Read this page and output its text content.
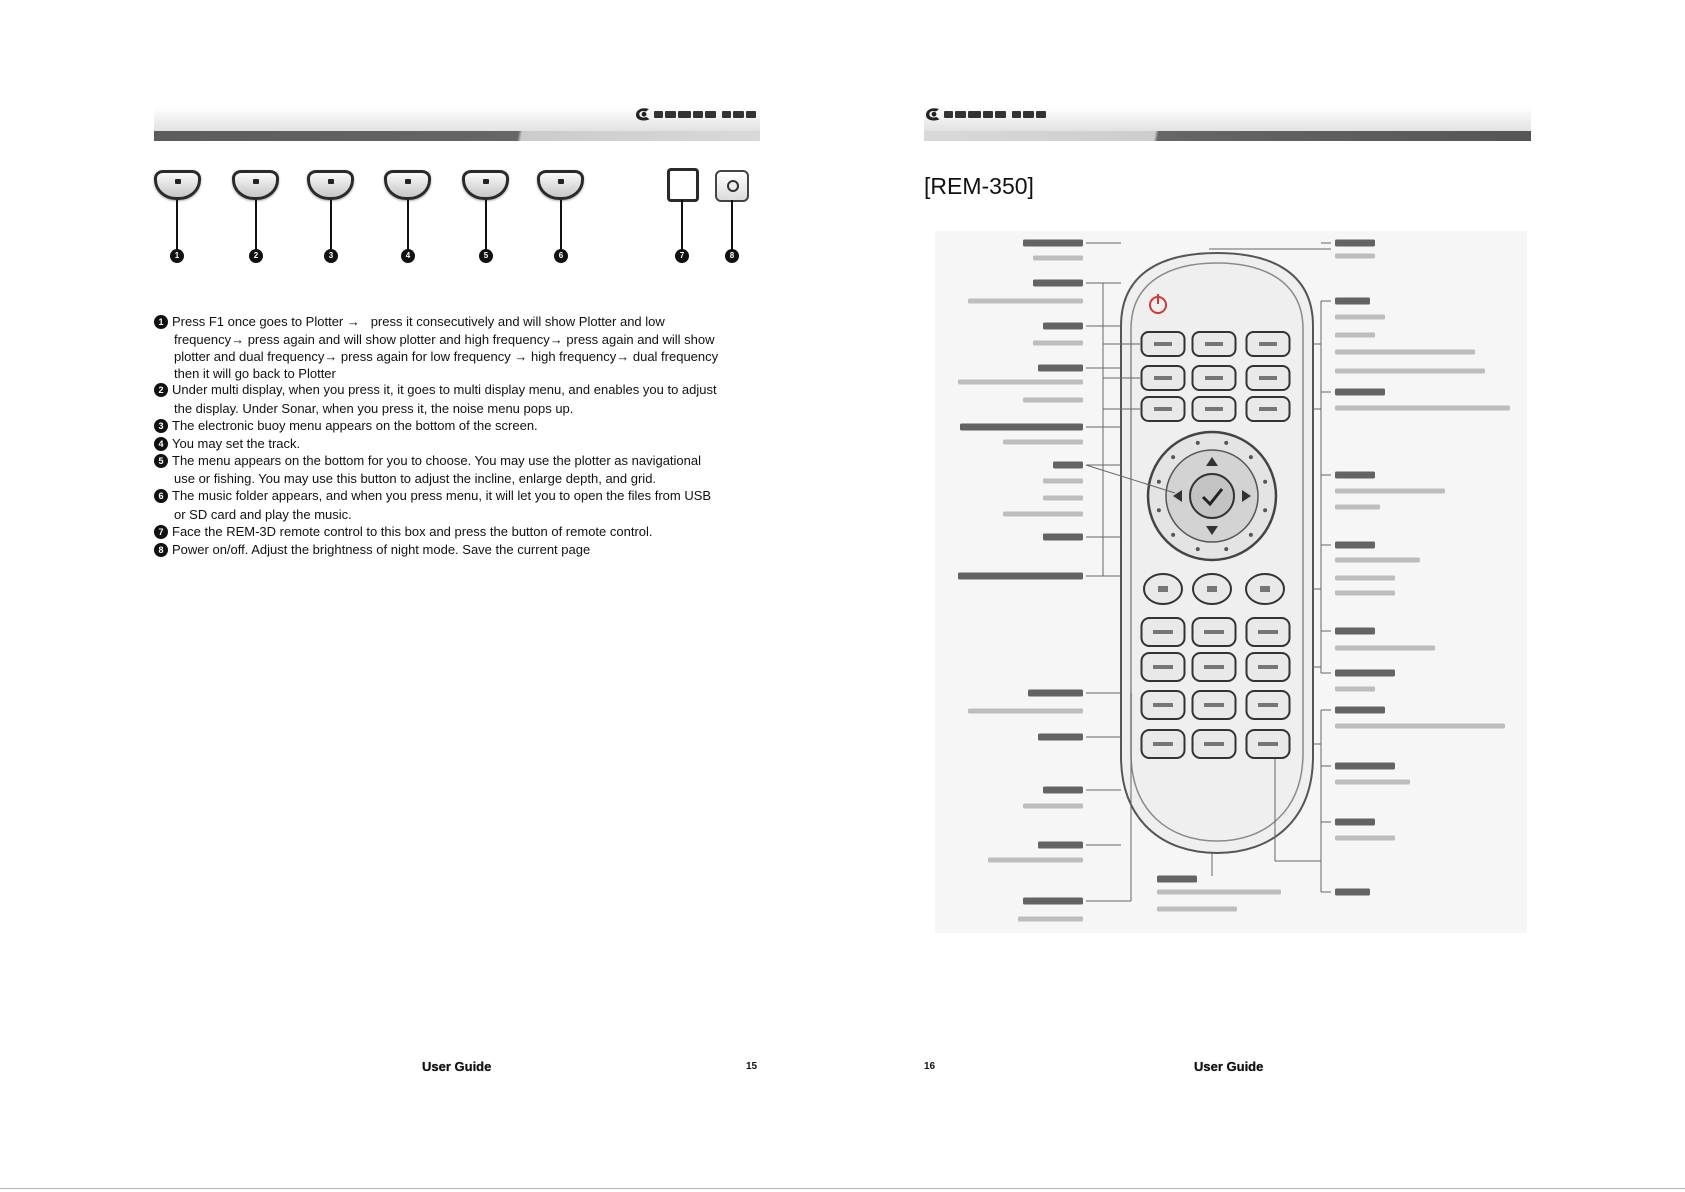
1	2	3	4	5	6	7	8
1 Press F1 once goes to Plotter →   press it consecutively and will show Plotter and low
frequency→ press again and will show plotter and high frequency→ press again and will show
plotter and dual frequency→ press again for low frequency → high frequency→ dual frequency
then it will go back to Plotter
2 Under multi display, when you press it, it goes to multi display menu, and enables you to adjust
the display. Under Sonar, when you press it, the noise menu pops up.
3 The electronic buoy menu appears on the bottom of the screen.
4 You may set the track.
5 The menu appears on the bottom for you to choose. You may use the plotter as navigational
use or fishing. You may use this button to adjust the incline, enlarge depth, and grid.
6 The music folder appears, and when you press menu, it will let you to open the files from USB
or SD card and play the music.
7 Face the REM-3D remote control to this box and press the button of remote control.
8 Power on/off. Adjust the brightness of night mode. Save the current page
User Guide	15
[REM-350]
16	User Guide
